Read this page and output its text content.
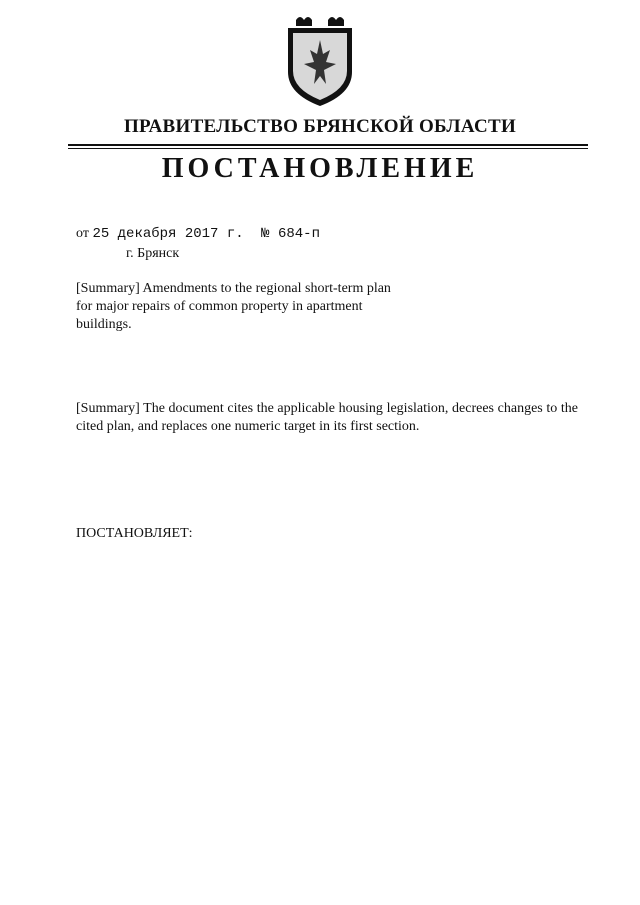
ПРАВИТЕЛЬСТВО БРЯНСКОЙ ОБЛАСТИ
ПОСТАНОВЛЕНИЕ
от 25 декабря 2017 г. № 684-п
г. Брянск
[Summary] Amendments to the regional short-term plan for major repairs of common property in apartment buildings.
[Summary] The document cites the applicable housing legislation, decrees changes to the cited plan, and replaces one numeric target in its first section.
ПОСТАНОВЛЯЕТ:
